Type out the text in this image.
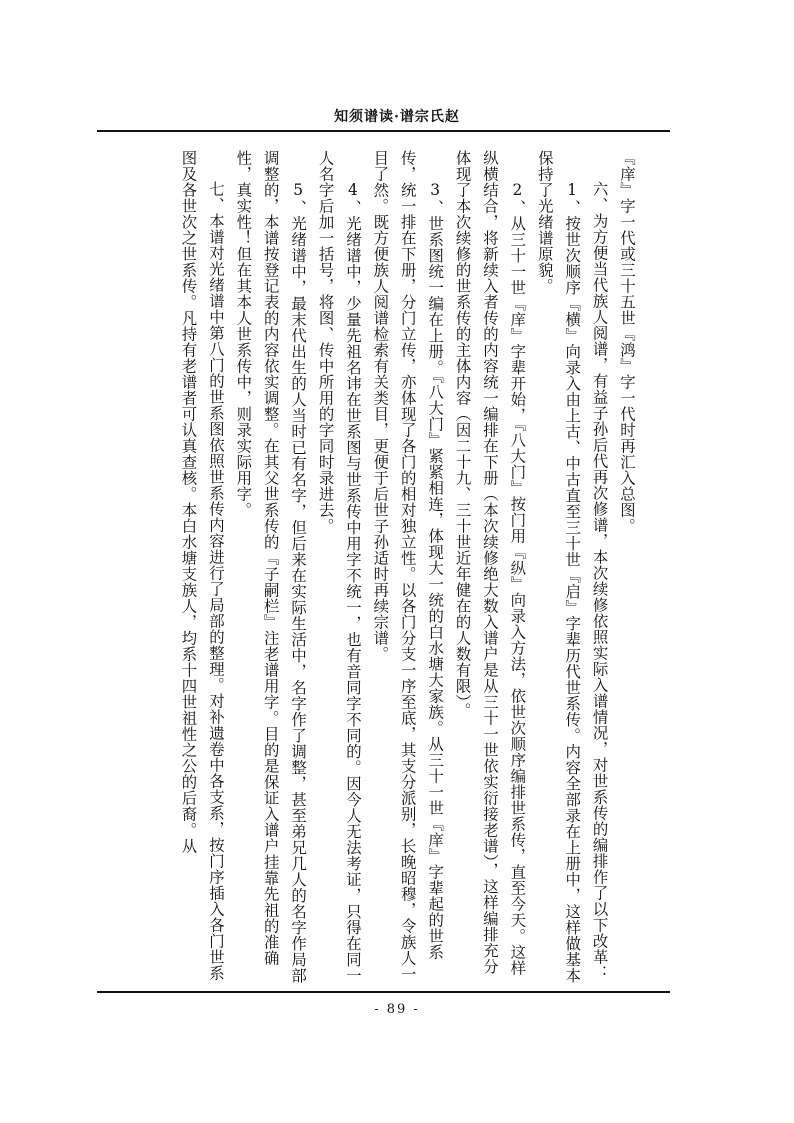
知须谱读·谱宗氏赵

『庠』字一代或三十五世『鸿』字一代时再汇入总图。

六、为方便当代族人阅谱，有益子孙后代再次修谱，本次续修依照实际入谱情况，对世系传的编排作了以下改革：

1、按世次顺序『横』向录入由上古、中古直至三十世『启』字辈历代世系传。内容全部录在上册中，这样做基本保持了光绪谱原貌。

2、从三十一世『庠』字辈开始，『八大门』按门用『纵』向录入方法，依世次顺序编排世系传，直至今天。这样纵横结合，将新续入者传的内容统一编排在下册（本次续修绝大数入谱户是从三十一世依实衍接老谱），这样编排充分体现了本次续修的世系传的主体内容（因二十九、三十世近年健在的人数有限）。

3、世系图统一编在上册。『八大门』紧紧相连，体现大一统的白水塘大家族。从三十一世『庠』字辈起的世系传，统一排在下册，分门立传，亦体现了各门的相对独立性。以各门分支一序至底，其支分派别，长晚昭穆，令族人一目了然。既方便族人阅谱检索有关类目，更便于后世子孙适时再续宗谱。

4、光绪谱中，少量先祖名讳在世系图与世系传中用字不统一，也有音同字不同的。因今人无法考证，只得在同一人名字后加一括号，将图、传中所用的字同时录进去。

5、光绪谱中，最末代出生的人当时已有名字，但后来在实际生活中，名字作了调整，甚至弟兄几人的名字作局部调整的，本谱按登记表的内容依实调整。在其父世系传的『子嗣栏』注老谱用字。目的是保证入谱户挂靠先祖的准确性，真实性！但在其本人世系传中，则录实际用字。

七、本谱对光绪谱中第八门的世系图依照世系传内容进行了局部的整理。对补遗卷中各支系，按门序插入各门世系图及各世次之世系传。凡持有老谱者可认真查核。本白水塘支族人，均系十四世祖性之公的后裔。从

- 89 -
